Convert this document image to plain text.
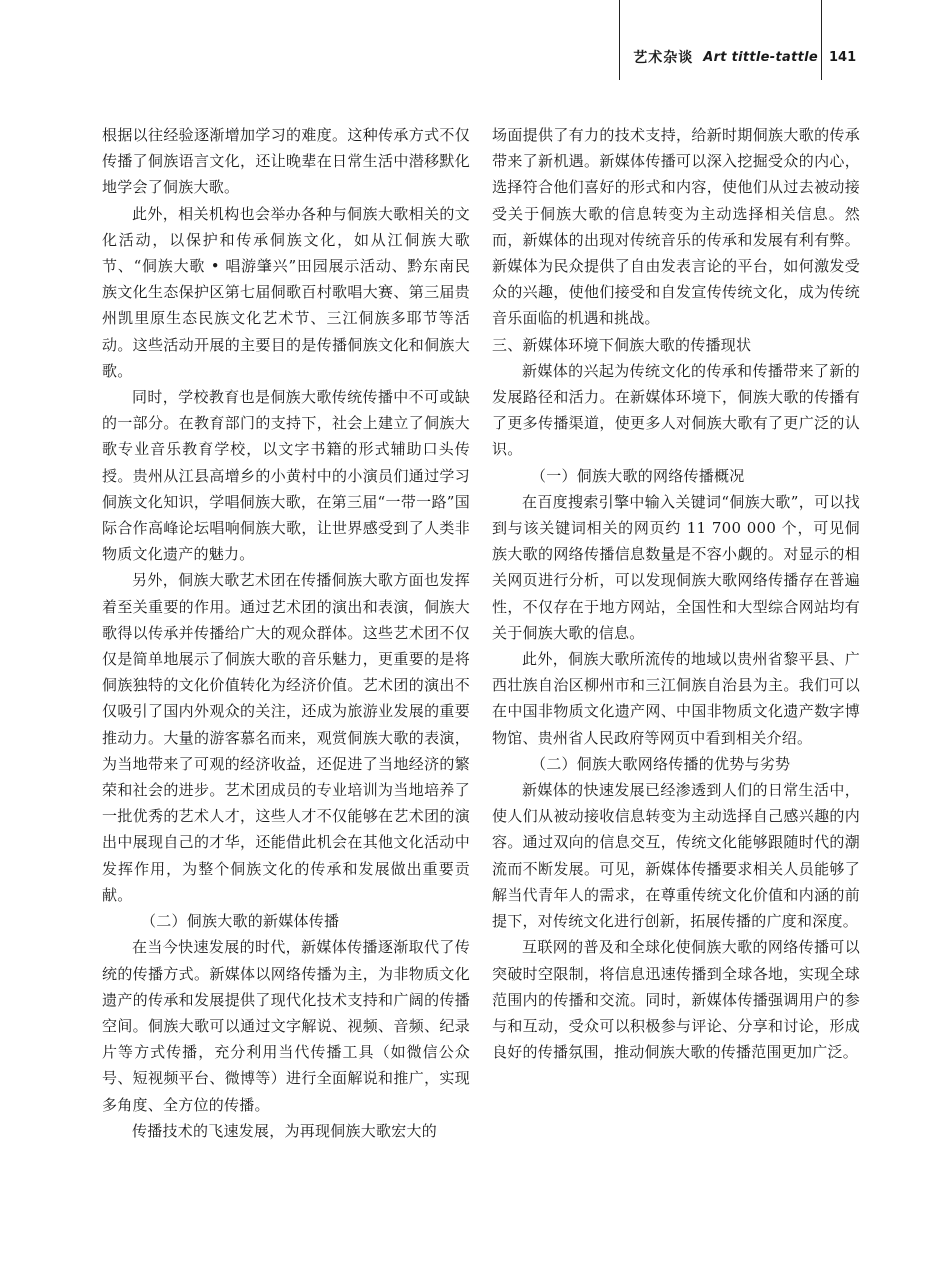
艺术杂谈 Art tittle-tattle 141

根据以往经验逐渐增加学习的难度。这种传承方式不仅传播了侗族语言文化，还让晚辈在日常生活中潜移默化地学会了侗族大歌。

此外，相关机构也会举办各种与侗族大歌相关的文化活动，以保护和传承侗族文化，如从江侗族大歌节、“侗族大歌 • 唱游肇兴”田园展示活动、黔东南民族文化生态保护区第七届侗歌百村歌唱大赛、第三届贵州凯里原生态民族文化艺术节、三江侗族多耶节等活动。这些活动开展的主要目的是传播侗族文化和侗族大歌。

同时，学校教育也是侗族大歌传统传播中不可或缺的一部分。在教育部门的支持下，社会上建立了侗族大歌专业音乐教育学校，以文字书籍的形式辅助口头传授。贵州从江县高增乡的小黄村中的小演员们通过学习侗族文化知识，学唱侗族大歌，在第三届“一带一路”国际合作高峰论坛唱响侗族大歌，让世界感受到了人类非物质文化遗产的魅力。

另外，侗族大歌艺术团在传播侗族大歌方面也发挥着至关重要的作用。通过艺术团的演出和表演，侗族大歌得以传承并传播给广大的观众群体。这些艺术团不仅仅是简单地展示了侗族大歌的音乐魅力，更重要的是将侗族独特的文化价值转化为经济价值。艺术团的演出不仅吸引了国内外观众的关注，还成为旅游业发展的重要推动力。大量的游客慕名而来，观赏侗族大歌的表演，为当地带来了可观的经济收益，还促进了当地经济的繁荣和社会的进步。艺术团成员的专业培训为当地培养了一批优秀的艺术人才，这些人才不仅能够在艺术团的演出中展现自己的才华，还能借此机会在其他文化活动中发挥作用，为整个侗族文化的传承和发展做出重要贡献。

（二）侗族大歌的新媒体传播

在当今快速发展的时代，新媒体传播逐渐取代了传统的传播方式。新媒体以网络传播为主，为非物质文化遗产的传承和发展提供了现代化技术支持和广阔的传播空间。侗族大歌可以通过文字解说、视频、音频、纪录片等方式传播，充分利用当代传播工具（如微信公众号、短视频平台、微博等）进行全面解说和推广，实现多角度、全方位的传播。

传播技术的飞速发展，为再现侗族大歌宏大的

场面提供了有力的技术支持，给新时期侗族大歌的传承带来了新机遇。新媒体传播可以深入挖掘受众的内心，选择符合他们喜好的形式和内容，使他们从过去被动接受关于侗族大歌的信息转变为主动选择相关信息。然而，新媒体的出现对传统音乐的传承和发展有利有弊。新媒体为民众提供了自由发表言论的平台，如何激发受众的兴趣，使他们接受和自发宣传传统文化，成为传统音乐面临的机遇和挑战。

三、新媒体环境下侗族大歌的传播现状

新媒体的兴起为传统文化的传承和传播带来了新的发展路径和活力。在新媒体环境下，侗族大歌的传播有了更多传播渠道，使更多人对侗族大歌有了更广泛的认识。

（一）侗族大歌的网络传播概况

在百度搜索引擎中输入关键词“侗族大歌”，可以找到与该关键词相关的网页约 11 700 000 个，可见侗族大歌的网络传播信息数量是不容小觑的。对显示的相关网页进行分析，可以发现侗族大歌网络传播存在普遍性，不仅存在于地方网站，全国性和大型综合网站均有关于侗族大歌的信息。

此外，侗族大歌所流传的地域以贵州省黎平县、广西壮族自治区柳州市和三江侗族自治县为主。我们可以在中国非物质文化遗产网、中国非物质文化遗产数字博物馆、贵州省人民政府等网页中看到相关介绍。

（二）侗族大歌网络传播的优势与劣势

新媒体的快速发展已经渗透到人们的日常生活中，使人们从被动接收信息转变为主动选择自己感兴趣的内容。通过双向的信息交互，传统文化能够跟随时代的潮流而不断发展。可见，新媒体传播要求相关人员能够了解当代青年人的需求，在尊重传统文化价值和内涵的前提下，对传统文化进行创新，拓展传播的广度和深度。

互联网的普及和全球化使侗族大歌的网络传播可以突破时空限制，将信息迅速传播到全球各地，实现全球范围内的传播和交流。同时，新媒体传播强调用户的参与和互动，受众可以积极参与评论、分享和讨论，形成良好的传播氛围，推动侗族大歌的传播范围更加广泛。
